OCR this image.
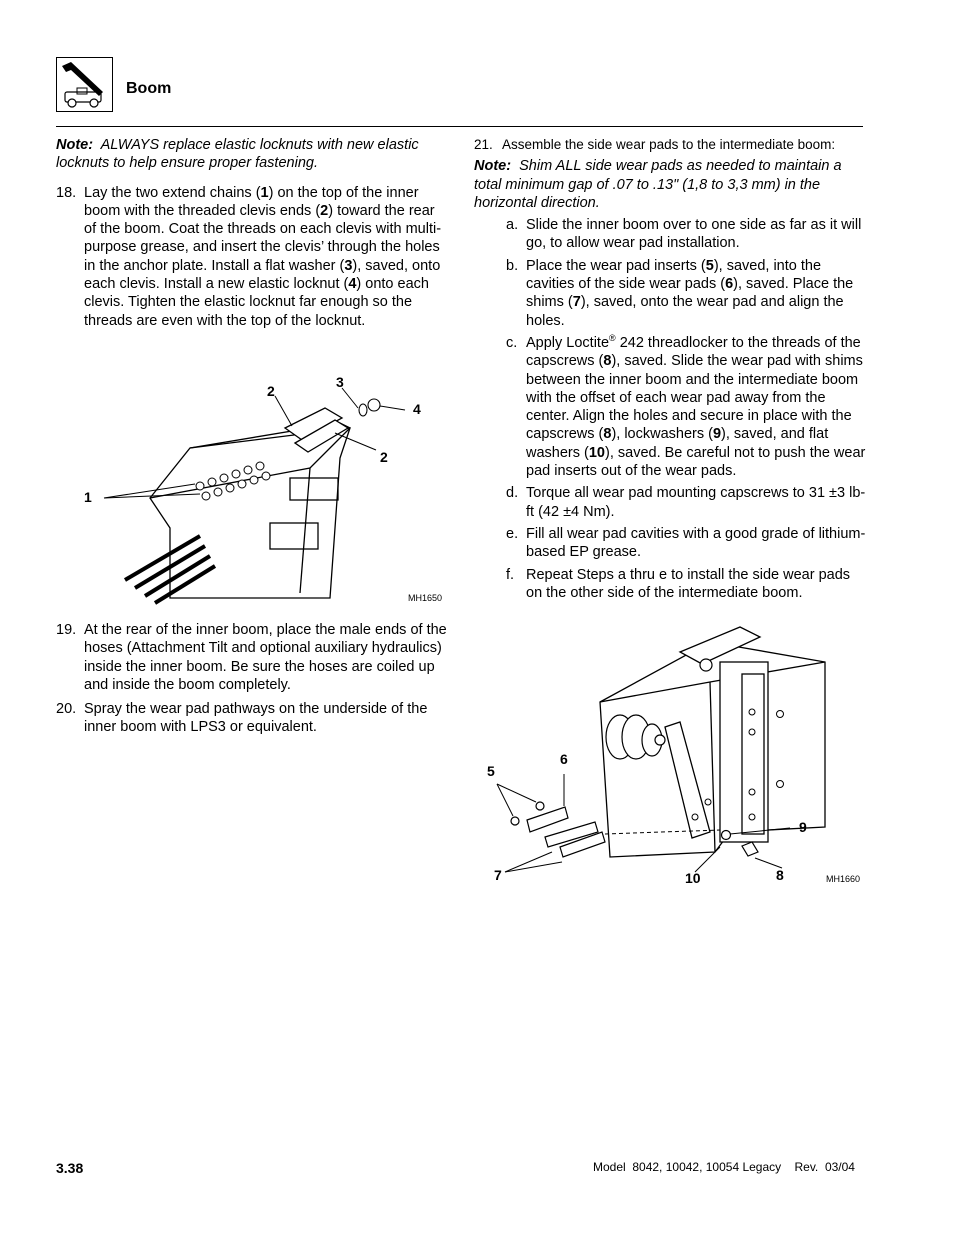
Boom

Note: ALWAYS replace elastic locknuts with new elastic locknuts to help ensure proper fastening.

18. Lay the two extend chains (1) on the top of the inner boom with the threaded clevis ends (2) toward the rear of the boom. Coat the threads on each clevis with multi-purpose grease, and insert the clevis’ through the holes in the anchor plate. Install a flat washer (3), saved, onto each clevis. Install a new elastic locknut (4) onto each clevis. Tighten the elastic locknut far enough so the threads are even with the top of the locknut.
1
2
3
4
2
MH1650
19. At the rear of the inner boom, place the male ends of the hoses (Attachment Tilt and optional auxiliary hydraulics) inside the inner boom. Be sure the hoses are coiled up and inside the boom completely.
20. Spray the wear pad pathways on the underside of the inner boom with LPS3 or equivalent.
21. Assemble the side wear pads to the intermediate boom:

Note: Shim ALL side wear pads as needed to maintain a total minimum gap of .07 to .13" (1,8 to 3,3 mm) in the horizontal direction.

a. Slide the inner boom over to one side as far as it will go, to allow wear pad installation.
b. Place the wear pad inserts (5), saved, into the cavities of the side wear pads (6), saved. Place the shims (7), saved, onto the wear pad and align the holes.
c. Apply Loctite® 242 threadlocker to the threads of the capscrews (8), saved. Slide the wear pad with shims between the inner boom and the intermediate boom with the offset of each wear pad away from the center. Align the holes and secure in place with the capscrews (8), lockwashers (9), saved, and flat washers (10), saved. Be careful not to push the wear pad inserts out of the wear pads.
d. Torque all wear pad mounting capscrews to 31 ±3 lb-ft (42 ±4 Nm).
e. Fill all wear pad cavities with a good grade of lithium-based EP grease.
f. Repeat Steps a thru e to install the side wear pads on the other side of the intermediate boom.
5
6
9
7	10	8	MH1660
3.38	Model  8042, 10042, 10054 Legacy    Rev.  03/04
